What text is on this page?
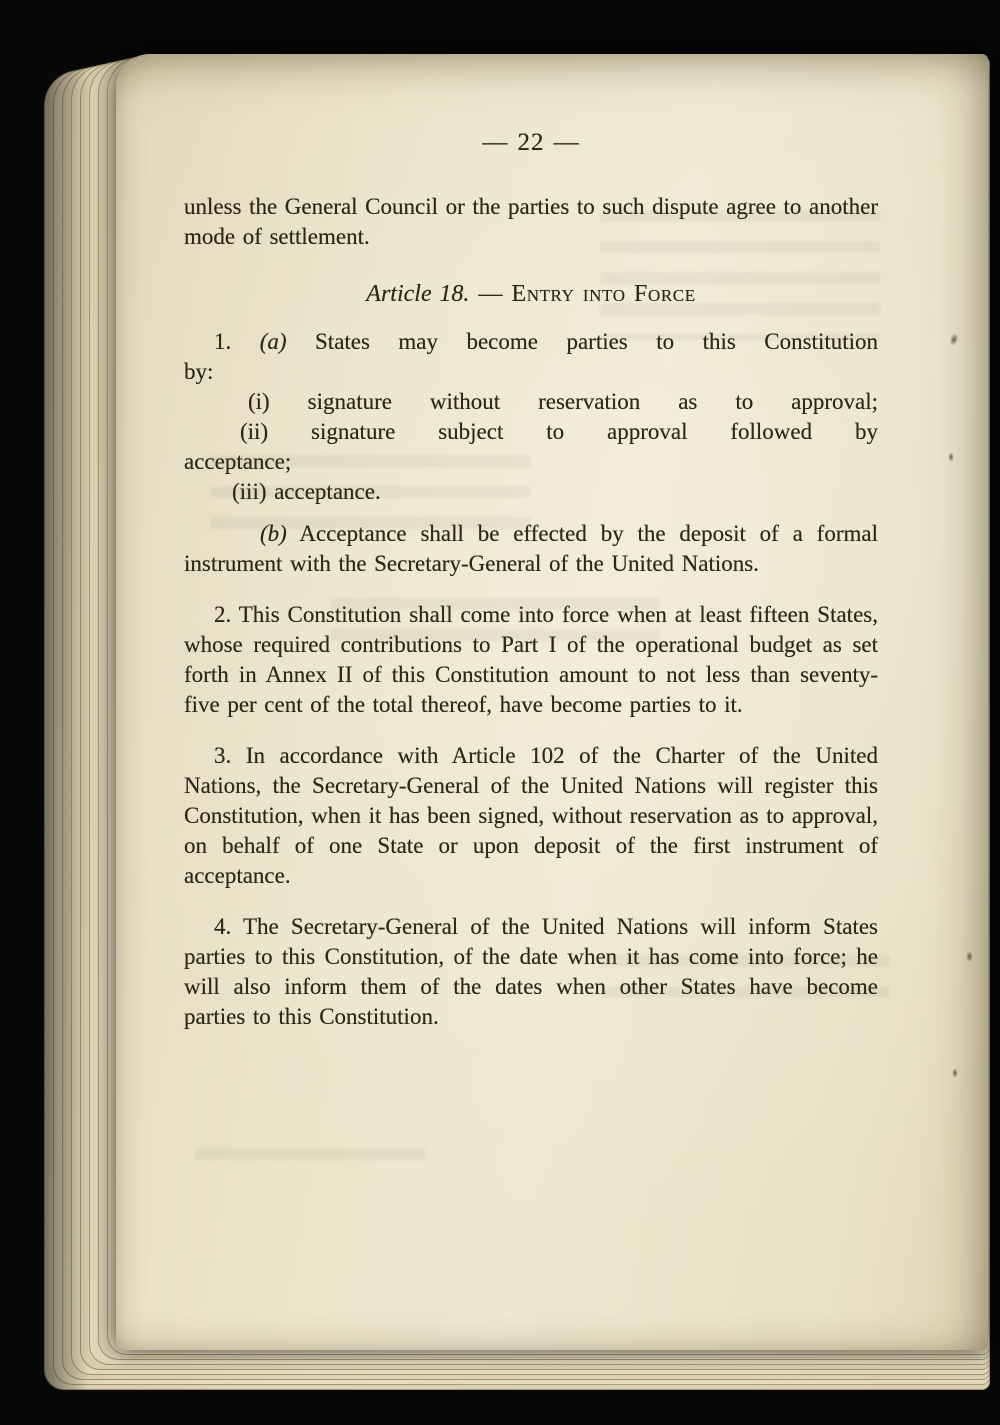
— 22 —

unless the General Council or the parties to such dispute agree to another mode of settlement.

Article 18. — Entry into Force
1. (a) States may become parties to this Constitution
by:
(i) signature without reservation as to approval;
(ii) signature subject to approval followed by
acceptance;
(iii) acceptance.

(b) Acceptance shall be effected by the deposit of a formal instrument with the Secretary-General of the United Nations.

2. This Constitution shall come into force when at least fifteen States, whose required contributions to Part I of the operational budget as set forth in Annex II of this Constitution amount to not less than seventy-five per cent of the total thereof, have become parties to it.

3. In accordance with Article 102 of the Charter of the United Nations, the Secretary-General of the United Nations will register this Constitution, when it has been signed, without reservation as to approval, on behalf of one State or upon deposit of the first instrument of acceptance.

4. The Secretary-General of the United Nations will inform States parties to this Constitution, of the date when it has come into force; he will also inform them of the dates when other States have become parties to this Constitution.
